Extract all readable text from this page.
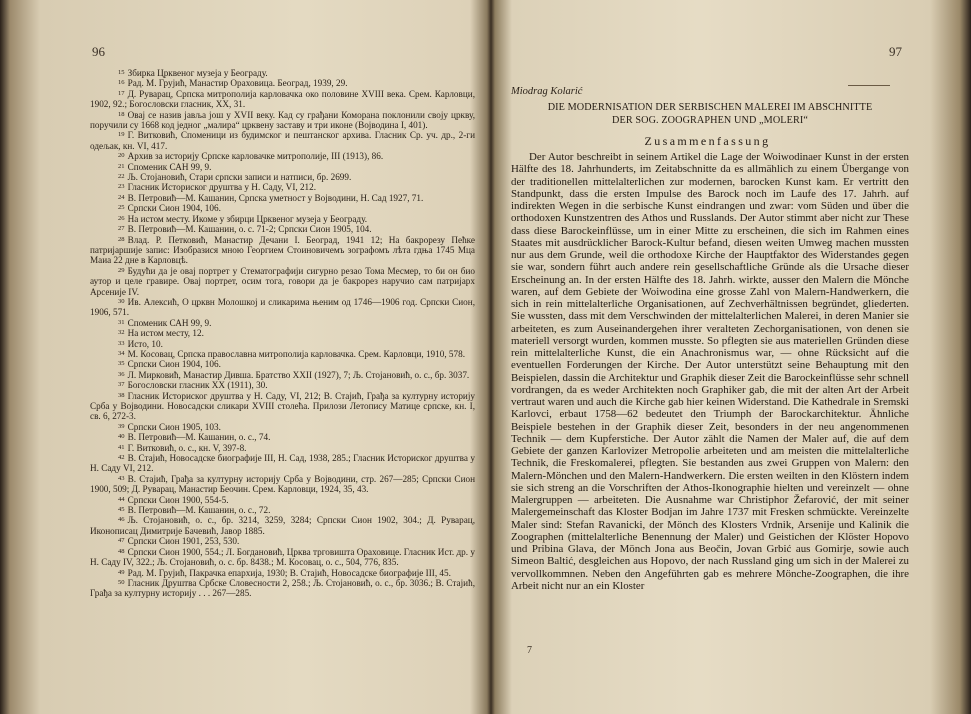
96
$^{15}$ Збирка Црквеног музеја у Београду.
$^{16}$ Рад. М. Грујић, Манастир Ораховица. Београд, 1939, 29.
$^{17}$ Д. Руварац, Српска митрополија карловачка око половине XVIII века. Срем. Карловци, 1902, 92.; Богословски гласник, XX, 31.
$^{18}$ Овај се назив јавља још у XVII веку. Кад су грађани Коморана поклонили своју цркву, поручили су 1668 код једног „малира“ црквену заставу и три иконе (Војводина I, 401).
$^{19}$ Г. Витковић, Споменици из будимског и пештанског архива. Гласник Ср. уч. др., 2-ги одељак, кн. VI, 417.
$^{20}$ Архив за историју Српске карловачке митрополије, III (1913), 86.
$^{21}$ Споменик САН 99, 9.
$^{22}$ Љ. Стојановић, Стари српски записи и натписи, бр. 2699.
$^{23}$ Гласник Историског друштва у Н. Саду, VI, 212.
$^{24}$ В. Петровић—М. Кашанин, Српска уметност у Војводини, Н. Сад 1927, 71.
$^{25}$ Српски Сион 1904, 106.
$^{26}$ На истом месту. Икоме у збирци Црквеног музеја у Београду.
$^{27}$ В. Петровић—М. Кашанин, о. с. 71-2; Српски Сион 1905, 104.
$^{28}$ Влад. Р. Петковић, Манастир Дечани I. Београд, 1941 12; На бакрорезу Пећке патријаршије запис: Изобразися мною Георгием Стоиновичемъ зографомъ лѣта гдња 1745 Мца Маиа 22 дне в Карловцѣ.
$^{29}$ Будући да је овај портрет у Стематографији сигурно резао Тома Месмер, то би он био аутор и целе гравире. Овај портрет, осим тога, говори да је бакрорез наручио сам патријарх Арсеније IV.
$^{30}$ Ив. Алексић, О црквн Молошкој и сликарима њеним од 1746—1906 год. Српски Сион, 1906, 571.
$^{31}$ Споменик САН 99, 9.
$^{32}$ На истом месту, 12.
$^{33}$ Исто, 10.
$^{34}$ М. Косовац, Српска православна митрополија карловачка. Срем. Карловци, 1910, 578.
$^{35}$ Српски Сион 1904, 106.
$^{36}$ Л. Мирковић, Манастир Дивша. Братство XXII (1927), 7; Љ. Стојановић, о. с., бр. 3037.
$^{37}$ Богословски гласник XX (1911), 30.
$^{38}$ Гласник Историског друштва у Н. Саду, VI, 212; В. Стајић, Грађа за културну историју Срба у Војводини. Новосадски сликари XVIII столећа. Прилози Летопису Матице српске, кн. I, св. 6, 272-3.
$^{39}$ Српски Сион 1905, 103.
$^{40}$ В. Петровић—М. Кашанин, о. с., 74.
$^{41}$ Г. Витковић, о. с., кн. V, 397-8.
$^{42}$ В. Стајић, Новосадске биографије III, Н. Сад, 1938, 285.; Гласник Историског друштва у Н. Саду VI, 212.
$^{43}$ В. Стајић, Грађа за културну историју Срба у Војводини, стр. 267—285; Српски Сион 1900, 509; Д. Руварац, Манастир Беочин. Срем. Карловци, 1924, 35, 43.
$^{44}$ Српски Сион 1900, 554-5.
$^{45}$ В. Петровић—М. Кашанин, о. с., 72.
$^{46}$ Љ. Стојановић, о. с., бр. 3214, 3259, 3284; Српски Сион 1902, 304.; Д. Руварац, Иконописац Димитрије Бачевић, Јавор 1885.
$^{47}$ Српски Сион 1901, 253, 530.
$^{48}$ Српски Сион 1900, 554.; Л. Богдановић, Црква трговишта Ораховице. Гласник Ист. др. у Н. Саду IV, 322.; Љ. Стојановић, о. с. бр. 8438.; М. Косовац, о. с., 504, 776, 835.
$^{49}$ Рад. М. Грујић, Пакрачка епархија, 1930; В. Стајић, Новосадске биографије III, 45.
$^{50}$ Гласник Друштва Србске Словесности 2, 258.; Љ. Стојановић, о. с., бр. 3036.; В. Стајић, Грађа за културну историју . . . 267—285.
97
Miodrag Kolarić
DIE MODERNISATION DER SERBISCHEN MALEREI IM ABSCHNITTE
DER SOG. ZOOGRAPHEN UND „MOLERI“
Zusammenfassung

Der Autor beschreibt in seinem Artikel die Lage der Woiwodinaer Kunst in der ersten Hälfte des 18. Jahrhunderts, im Zeitabschnitte da es allmählich zu einem Übergange von der traditionellen mittelalterlichen zur modernen, barocken Kunst kam. Er vertritt den Standpunkt, dass die ersten Impulse des Barock noch im Laufe des 17. Jahrh. auf indirekten Wegen in die serbische Kunst eindrangen und zwar: vom Süden und über die orthodoxen Kunstzentren des Athos und Russlands. Der Autor stimmt aber nicht zur These dass diese Barockeinflüsse, um in einer Mitte zu erscheinen, die sich im Rahmen eines Staates mit ausdrücklicher Barock-Kultur befand, diesen weiten Umweg machen mussten nur aus dem Grunde, weil die orthodoxe Kirche der Hauptfaktor des Widerstandes gegen sie war, sondern führt auch andere rein gesellschaftliche Gründe als die Ursache dieser Erscheinung an. In der ersten Hälfte des 18. Jahrh. wirkte, ausser den Malern die Mönche waren, auf dem Gebiete der Woiwodina eine grosse Zahl von Malern-Handwerkern, die sich in rein mittelalterliche Organisationen, auf Zechverhältnissen begründet, gliederten. Sie wussten, dass mit dem Verschwinden der mittelalterlichen Malerei, in deren Manier sie arbeiteten, es zum Auseinandergehen ihrer veralteten Zechorganisationen, von denen sie materiell versorgt wurden, kommen musste. So pflegten sie aus materiellen Gründen diese rein mittelalterliche Kunst, die ein Anachronismus war, — ohne Rücksicht auf die eventuellen Forderungen der Kirche. Der Autor unterstützt seine Behauptung mit den Beispielen, dassin die Architektur und Graphik dieser Zeit die Barockeinflüsse sehr schnell vordrangen, da es weder Architekten noch Graphiker gab, die mit der alten Art der Arbeit vertraut waren und auch die Kirche gab hier keinen Widerstand. Die Kathedrale in Sremski Karlovci, erbaut 1758—62 bedeutet den Triumph der Barockarchitektur. Ähnliche Beispiele bestehen in der Graphik dieser Zeit, besonders in der neu angenommenen Technik — dem Kupferstiche. Der Autor zählt die Namen der Maler auf, die auf dem Gebiete der ganzen Karlovizer Metropolie arbeiteten und am meisten die mittelalterliche Technik, die Freskomalerei, pflegten. Sie bestanden aus zwei Gruppen von Malern: den Malern-Mönchen und den Malern-Handwerkern. Die ersten weilten in den Klöstern indem sie sich streng an die Vorschriften der Athos-Ikonographie hielten und vereinzelt — ohne Malergruppen — arbeiteten. Die Ausnahme war Christiphor Žefarović, der mit seiner Malergemeinschaft das Kloster Bodjan im Jahre 1737 mit Fresken schmückte. Vereinzelte Maler sind: Stefan Ravanicki, der Mönch des Klosters Vrdnik, Arsenije und Kalinik die Zoographen (mittelalterliche Benennung der Maler) und Geistichen der Klöster Hopovo und Pribina Glava, der Mönch Jona aus Beočin, Jovan Grbić aus Gomirje, sowie auch Simeon Baltić, desgleichen aus Hopovo, der nach Russland ging um sich in der Malerei zu vervollkommnen. Neben den Angeführten gab es mehrere Mönche-Zoographen, die ihre Arbeit nicht nur an ein Kloster

7
